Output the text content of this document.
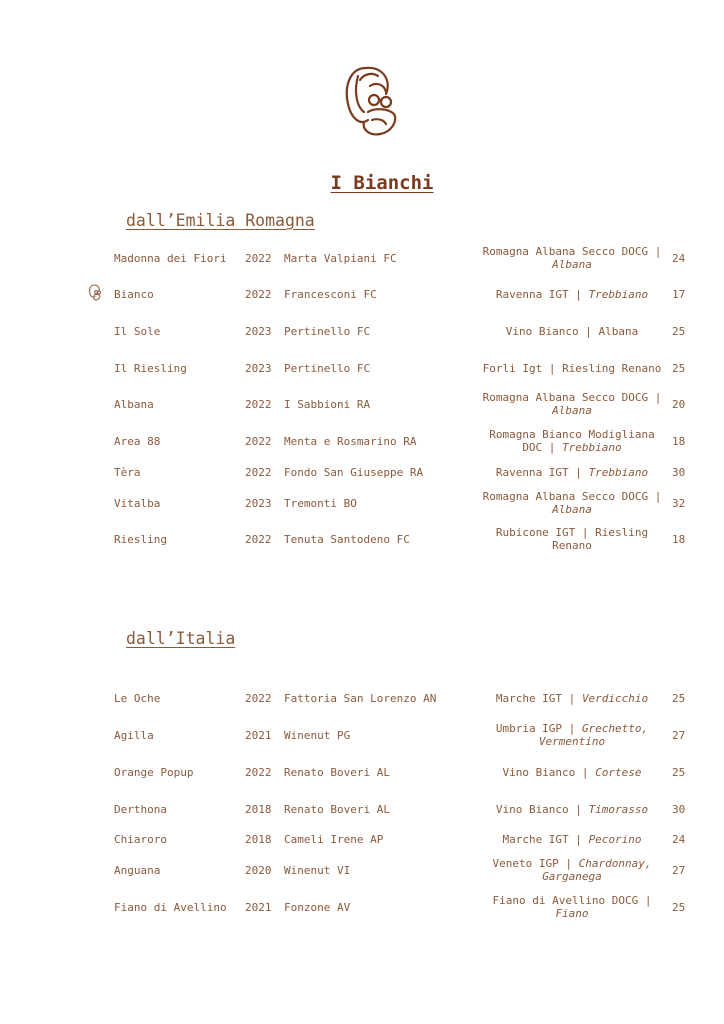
I Bianchi
dall’Emilia Romagna
dall’Italia
Madonna dei Fiori 2022 Marta Valpiani FC	Romagna Albana Secco DOCG | Albana	24
Bianco	2022 Francesconi FC	Ravenna IGT | Trebbiano 17
Il Sole	2023 Pertinello FC	Vino Bianco | Albana	25
Il Riesling	2023 Pertinello FC	Forli Igt | Riesling Renano 25
Albana	2022 I Sabbioni RA	Romagna Albana Secco DOCG | Albana	20
Area 88	2022 Menta e Rosmarino RA	Romagna Bianco Modigliana DOC | Trebbiano	18
Tèra	2022 Fondo San Giuseppe RA	Ravenna IGT | Trebbiano 30
Vitalba	2023 Tremonti BO	Romagna Albana Secco DOCG | Albana	32
Riesling	2022 Tenuta Santodeno FC	Rubicone IGT | Riesling Renano	18
Le Oche	2022 Fattoria San Lorenzo AN	Marche IGT | Verdicchio 25
Agilla	2021 Winenut PG	Umbria IGP | Grechetto, Vermentino	27
Orange Popup	2022 Renato Boveri AL	Vino Bianco | Cortese	25
Derthona	2018 Renato Boveri AL	Vino Bianco | Timorasso 30
Chiaroro	2018 Cameli Irene AP	Marche IGT | Pecorino	24
Anguana	2020 Winenut VI	Veneto IGP | Chardonnay, Garganega	27
Fiano di Avellino 2021 Fonzone AV	Fiano di Avellino DOCG | Fiano	25
